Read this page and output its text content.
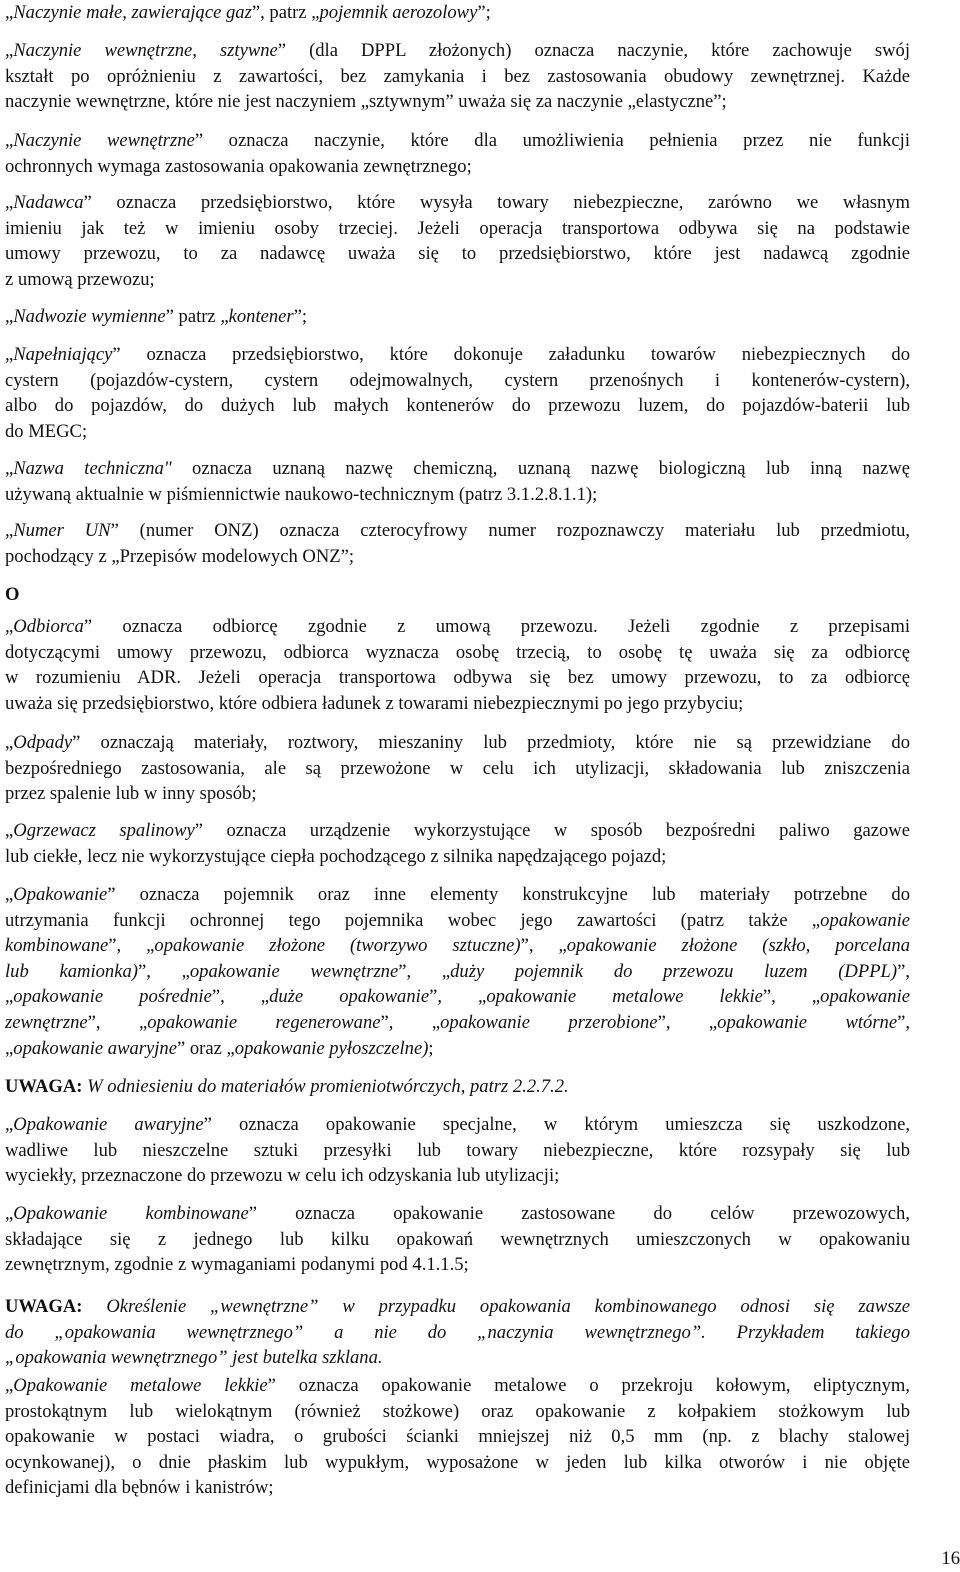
„Naczynie małe, zawierające gaz”, patrz „pojemnik aerozolowy”;
„Naczynie wewnętrzne, sztywne” (dla DPPL złożonych) oznacza naczynie, które zachowuje swój
kształt po opróżnieniu z zawartości, bez zamykania i bez zastosowania obudowy zewnętrznej. Każde
naczynie wewnętrzne, które nie jest naczyniem „sztywnym” uważa się za naczynie „elastyczne”;
„Naczynie wewnętrzne” oznacza naczynie, które dla umożliwienia pełnienia przez nie funkcji
ochronnych wymaga zastosowania opakowania zewnętrznego;
„Nadawca” oznacza przedsiębiorstwo, które wysyła towary niebezpieczne, zarówno we własnym
imieniu jak też w imieniu osoby trzeciej. Jeżeli operacja transportowa odbywa się na podstawie
umowy przewozu, to za nadawcę uważa się to przedsiębiorstwo, które jest nadawcą zgodnie
z umową przewozu;
„Nadwozie wymienne” patrz „kontener”;
„Napełniający” oznacza przedsiębiorstwo, które dokonuje załadunku towarów niebezpiecznych do
cystern (pojazdów-cystern, cystern odejmowalnych, cystern przenośnych i kontenerów-cystern),
albo do pojazdów, do dużych lub małych kontenerów do przewozu luzem, do pojazdów-baterii lub
do MEGC;
„Nazwa techniczna" oznacza uznaną nazwę chemiczną, uznaną nazwę biologiczną lub inną nazwę
używaną aktualnie w piśmiennictwie naukowo-technicznym (patrz 3.1.2.8.1.1);
„Numer UN” (numer ONZ) oznacza czterocyfrowy numer rozpoznawczy materiału lub przedmiotu,
pochodzący z „Przepisów modelowych ONZ”;
O
„Odbiorca” oznacza odbiorcę zgodnie z umową przewozu. Jeżeli zgodnie z przepisami
dotyczącymi umowy przewozu, odbiorca wyznacza osobę trzecią, to osobę tę uważa się za odbiorcę
w rozumieniu ADR. Jeżeli operacja transportowa odbywa się bez umowy przewozu, to za odbiorcę
uważa się przedsiębiorstwo, które odbiera ładunek z towarami niebezpiecznymi po jego przybyciu;
„Odpady” oznaczają materiały, roztwory, mieszaniny lub przedmioty, które nie są przewidziane do
bezpośredniego zastosowania, ale są przewożone w celu ich utylizacji, składowania lub zniszczenia
przez spalenie lub w inny sposób;
„Ogrzewacz spalinowy” oznacza urządzenie wykorzystujące w sposób bezpośredni paliwo gazowe
lub ciekłe, lecz nie wykorzystujące ciepła pochodzącego z silnika napędzającego pojazd;
„Opakowanie” oznacza pojemnik oraz inne elementy konstrukcyjne lub materiały potrzebne do
utrzymania funkcji ochronnej tego pojemnika wobec jego zawartości (patrz także „opakowanie
kombinowane”, „opakowanie złożone (tworzywo sztuczne)”, „opakowanie złożone (szkło, porcelana
lub kamionka)”, „opakowanie wewnętrzne”, „duży pojemnik do przewozu luzem (DPPL)”,
„opakowanie pośrednie”, „duże opakowanie”, „opakowanie metalowe lekkie”, „opakowanie
zewnętrzne”, „opakowanie regenerowane”, „opakowanie przerobione”, „opakowanie wtórne”,
„opakowanie awaryjne” oraz „opakowanie pyłoszczelne);
UWAGA: W odniesieniu do materiałów promieniotwórczych, patrz 2.2.7.2.
„Opakowanie awaryjne” oznacza opakowanie specjalne, w którym umieszcza się uszkodzone,
wadliwe lub nieszczelne sztuki przesyłki lub towary niebezpieczne, które rozsypały się lub
wyciekły, przeznaczone do przewozu w celu ich odzyskania lub utylizacji;
„Opakowanie kombinowane” oznacza opakowanie zastosowane do celów przewozowych,
składające się z jednego lub kilku opakowań wewnętrznych umieszczonych w opakowaniu
zewnętrznym, zgodnie z wymaganiami podanymi pod 4.1.1.5;
UWAGA: Określenie „wewnętrzne” w przypadku opakowania kombinowanego odnosi się zawsze
do „opakowania wewnętrznego” a nie do „naczynia wewnętrznego”. Przykładem takiego
„opakowania wewnętrznego” jest butelka szklana.
„Opakowanie metalowe lekkie” oznacza opakowanie metalowe o przekroju kołowym, eliptycznym,
prostokątnym lub wielokątnym (również stożkowe) oraz opakowanie z kołpakiem stożkowym lub
opakowanie w postaci wiadra, o grubości ścianki mniejszej niż 0,5 mm (np. z blachy stalowej
ocynkowanej), o dnie płaskim lub wypukłym, wyposażone w jeden lub kilka otworów i nie objęte
definicjami dla bębnów i kanistrów;
16
